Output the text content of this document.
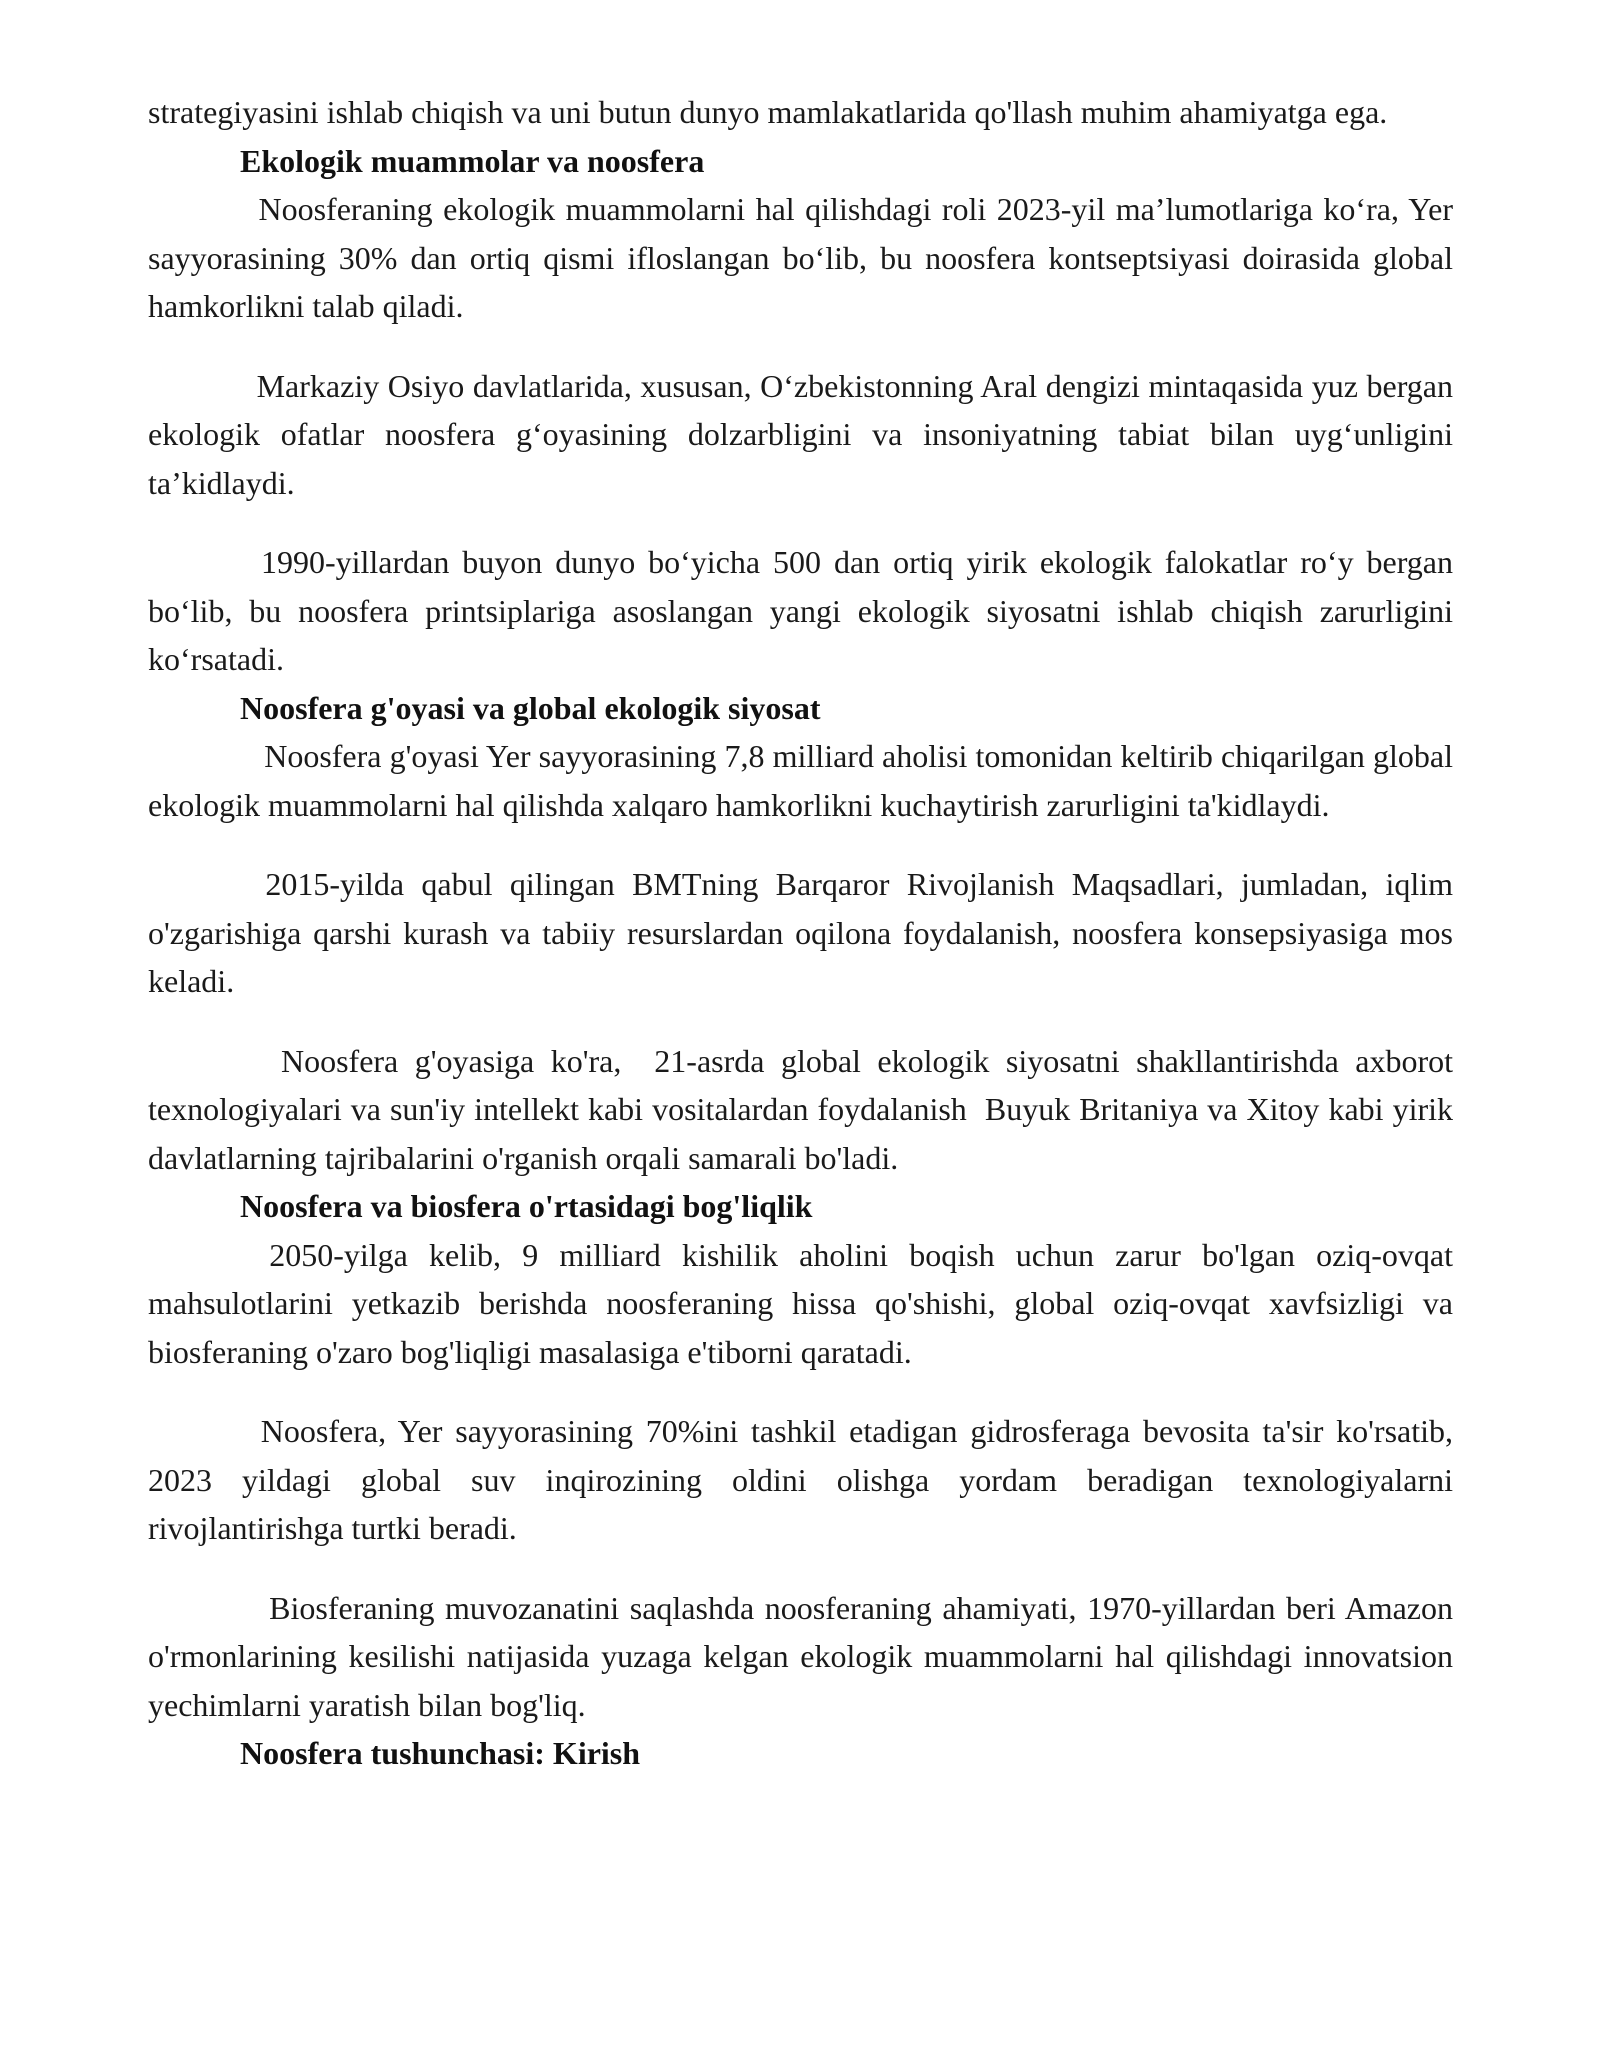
strategiyasini ishlab chiqish va uni butun dunyo mamlakatlarida qo'llash muhim ahamiyatga ega.

Ekologik muammolar va noosfera

Noosferaning ekologik muammolarni hal qilishdagi roli 2023-yil ma’lumotlariga ko‘ra, Yer sayyorasining 30% dan ortiq qismi ifloslangan bo‘lib, bu noosfera kontseptsiyasi doirasida global hamkorlikni talab qiladi.

Markaziy Osiyo davlatlarida, xususan, O‘zbekistonning Aral dengizi mintaqasida yuz bergan ekologik ofatlar noosfera g‘oyasining dolzarbligini va insoniyatning tabiat bilan uyg‘unligini ta’kidlaydi.

1990-yillardan buyon dunyo bo‘yicha 500 dan ortiq yirik ekologik falokatlar ro‘y bergan bo‘lib, bu noosfera printsiplariga asoslangan yangi ekologik siyosatni ishlab chiqish zarurligini ko‘rsatadi.

Noosfera g'oyasi va global ekologik siyosat

Noosfera g'oyasi Yer sayyorasining 7,8 milliard aholisi tomonidan keltirib chiqarilgan global ekologik muammolarni hal qilishda xalqaro hamkorlikni kuchaytirish zarurligini ta'kidlaydi.

2015-yilda qabul qilingan BMTning Barqaror Rivojlanish Maqsadlari, jumladan, iqlim o'zgarishiga qarshi kurash va tabiiy resurslardan oqilona foydalanish, noosfera konsepsiyasiga mos keladi.

Noosfera g'oyasiga ko'ra,  21-asrda global ekologik siyosatni shakllantirishda axborot texnologiyalari va sun'iy intellekt kabi vositalardan foydalanish  Buyuk Britaniya va Xitoy kabi yirik davlatlarning tajribalarini o'rganish orqali samarali bo'ladi.

Noosfera va biosfera o'rtasidagi bog'liqlik

2050-yilga kelib, 9 milliard kishilik aholini boqish uchun zarur bo'lgan oziq-ovqat mahsulotlarini yetkazib berishda noosferaning hissa qo'shishi, global oziq-ovqat xavfsizligi va biosferaning o'zaro bog'liqligi masalasiga e'tiborni qaratadi.

Noosfera, Yer sayyorasining 70%ini tashkil etadigan gidrosferaga bevosita ta'sir ko'rsatib, 2023 yildagi global suv inqirozining oldini olishga yordam beradigan texnologiyalarni rivojlantirishga turtki beradi.

Biosferaning muvozanatini saqlashda noosferaning ahamiyati, 1970-yillardan beri Amazon o'rmonlarining kesilishi natijasida yuzaga kelgan ekologik muammolarni hal qilishdagi innovatsion yechimlarni yaratish bilan bog'liq.

Noosfera tushunchasi: Kirish
